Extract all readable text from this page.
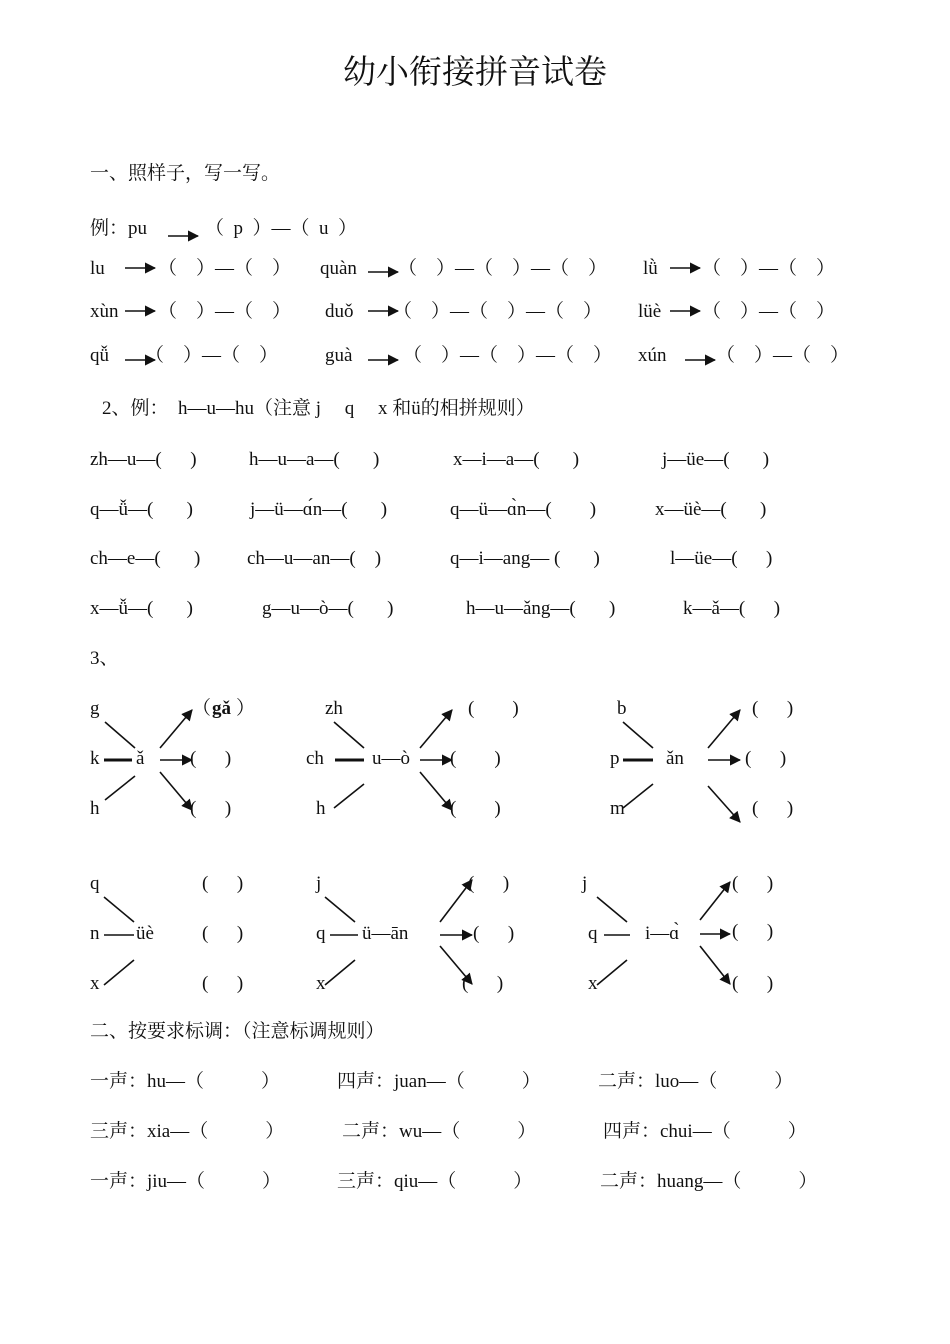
幼小衔接拼音试卷
一、照样子，写一写。
例：pu	（  p  ）—（  u  ）
lu	（    ）—（    ） quàn （    ）—（    ）—（    ） lǜ （    ）—（    ）
xùn （    ）—（    ） duǒ （    ）—（    ）—（    ） lüè （    ）—（    ）
qǚ （    ）—（    ） guà	（    ）—（    ）—（    ） xún	（    ）—（    ）
2、例：  h—u—hu（注意 j     q     x 和ü的相拼规则）
zh—u—(      )	h—u—a—(       )	x—i—a—(       )	j—üe—(       )
q—ǚ—(       )	j—ü—ɑ́n—(       )	q—ü—ɑ̀n—(        )	x—üè—(       )
ch—e—(       ) ch—u—an—(    )	q—i—ang— (       )	l—üe—(      )
x—ǚ—(       )	g—u—ò—(       )	h—u—ǎng—(       )	k—ǎ—(      )
3、
g
k
h
ǎ
（ gǎ ）
(      )
(      )
zh
ch
h
u—ò
(        )
(        )
(        )
b
p
m
ǎn
(      )
(      )
(      )
q
n
x
üè
(      )
(      )
(      )
j
q
x
ü—ān
(      )
(      )
(      )
j
q
x
i—ɑ̀
(      )
(      )
(      )
二、按要求标调：（注意标调规则）
一声：hu—（            ）	四声：juan—（            ）	二声：luo—（            ）
三声：xia—（            ）	二声：wu—（            ）	四声：chui—（            ）
一声：jiu—（            ）	三声：qiu—（            ）	二声：huang—（            ）
